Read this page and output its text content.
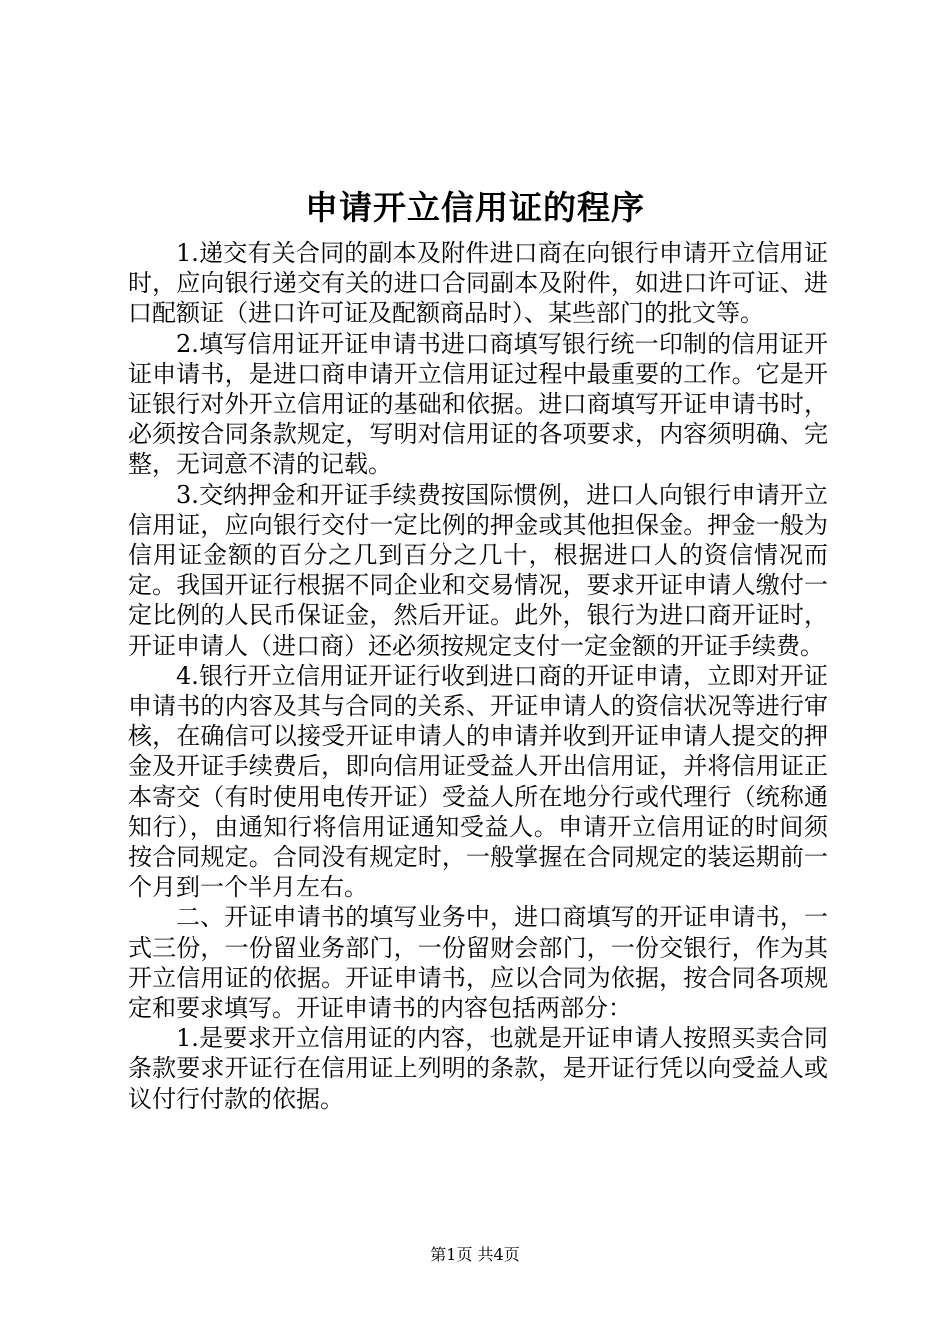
申请开立信用证的程序

1.递交有关合同的副本及附件进口商在向银行申请开立信用证时，应向银行递交有关的进口合同副本及附件，如进口许可证、进口配额证（进口许可证及配额商品时）、某些部门的批文等。

2.填写信用证开证申请书进口商填写银行统一印制的信用证开证申请书，是进口商申请开立信用证过程中最重要的工作。它是开证银行对外开立信用证的基础和依据。进口商填写开证申请书时，必须按合同条款规定，写明对信用证的各项要求，内容须明确、完整，无词意不清的记载。

3.交纳押金和开证手续费按国际惯例，进口人向银行申请开立信用证，应向银行交付一定比例的押金或其他担保金。押金一般为信用证金额的百分之几到百分之几十，根据进口人的资信情况而定。我国开证行根据不同企业和交易情况，要求开证申请人缴付一定比例的人民币保证金，然后开证。此外，银行为进口商开证时，开证申请人（进口商）还必须按规定支付一定金额的开证手续费。

4.银行开立信用证开证行收到进口商的开证申请，立即对开证申请书的内容及其与合同的关系、开证申请人的资信状况等进行审核，在确信可以接受开证申请人的申请并收到开证申请人提交的押金及开证手续费后，即向信用证受益人开出信用证，并将信用证正本寄交（有时使用电传开证）受益人所在地分行或代理行（统称通知行），由通知行将信用证通知受益人。申请开立信用证的时间须按合同规定。合同没有规定时，一般掌握在合同规定的装运期前一个月到一个半月左右。

二、开证申请书的填写业务中，进口商填写的开证申请书，一式三份，一份留业务部门，一份留财会部门，一份交银行，作为其开立信用证的依据。开证申请书，应以合同为依据，按合同各项规定和要求填写。开证申请书的内容包括两部分：

1.是要求开立信用证的内容，也就是开证申请人按照买卖合同条款要求开证行在信用证上列明的条款，是开证行凭以向受益人或议付行付款的依据。

第1页 共4页
